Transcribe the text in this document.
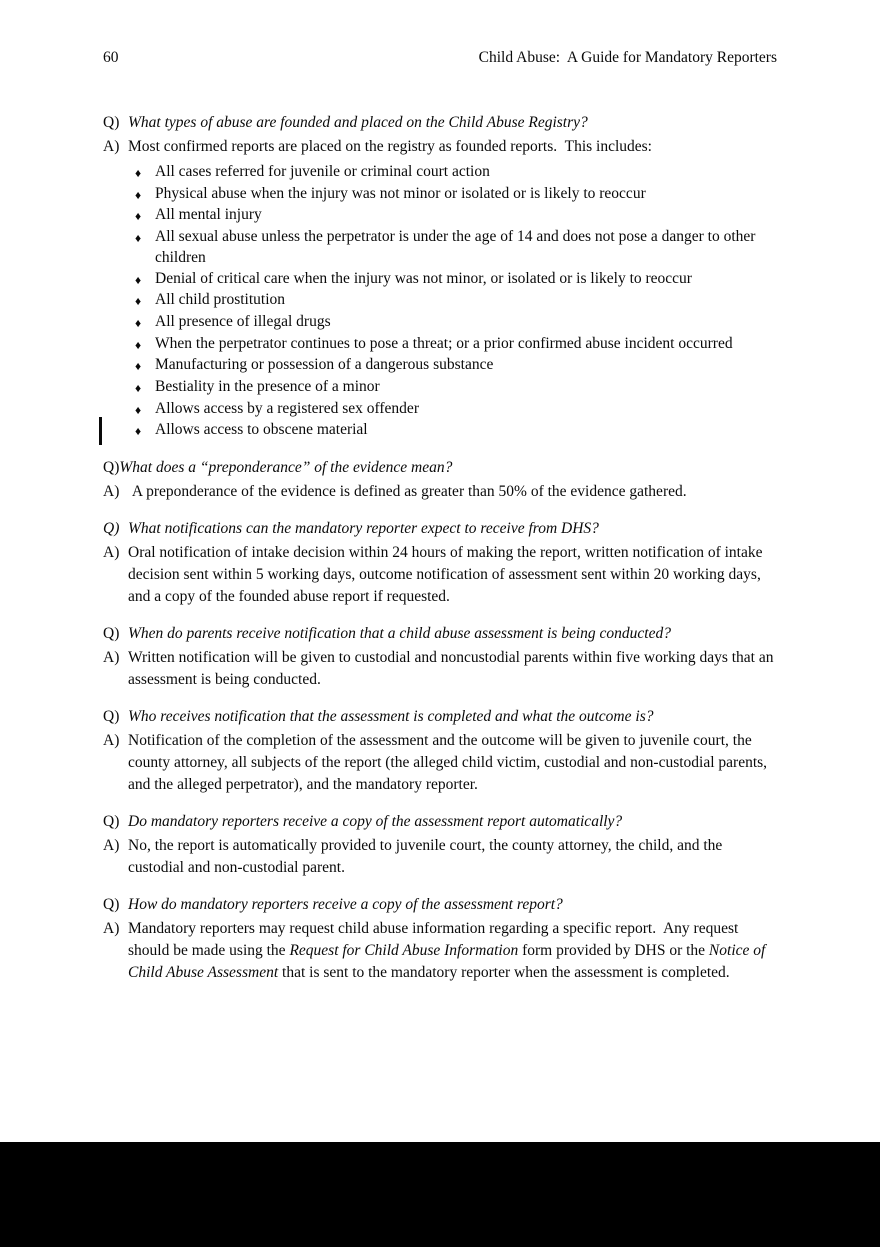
60	Child Abuse:  A Guide for Mandatory Reporters
Q) What types of abuse are founded and placed on the Child Abuse Registry?
A) Most confirmed reports are placed on the registry as founded reports.  This includes:
♦ All cases referred for juvenile or criminal court action
♦ Physical abuse when the injury was not minor or isolated or is likely to reoccur
♦ All mental injury
♦ All sexual abuse unless the perpetrator is under the age of 14 and does not pose a danger to other children
♦ Denial of critical care when the injury was not minor, or isolated or is likely to reoccur
♦ All child prostitution
♦ All presence of illegal drugs
♦ When the perpetrator continues to pose a threat; or a prior confirmed abuse incident occurred
♦ Manufacturing or possession of a dangerous substance
♦ Bestiality in the presence of a minor
♦ Allows access by a registered sex offender
♦ Allows access to obscene material
Q) What does a “preponderance” of the evidence mean?
A) A preponderance of the evidence is defined as greater than 50% of the evidence gathered.
Q) What notifications can the mandatory reporter expect to receive from DHS?
A) Oral notification of intake decision within 24 hours of making the report, written notification of intake decision sent within 5 working days, outcome notification of assessment sent within 20 working days, and a copy of the founded abuse report if requested.
Q) When do parents receive notification that a child abuse assessment is being conducted?
A) Written notification will be given to custodial and noncustodial parents within five working days that an assessment is being conducted.
Q) Who receives notification that the assessment is completed and what the outcome is?
A) Notification of the completion of the assessment and the outcome will be given to juvenile court, the county attorney, all subjects of the report (the alleged child victim, custodial and non-custodial parents, and the alleged perpetrator), and the mandatory reporter.
Q) Do mandatory reporters receive a copy of the assessment report automatically?
A) No, the report is automatically provided to juvenile court, the county attorney, the child, and the custodial and non-custodial parent.
Q) How do mandatory reporters receive a copy of the assessment report?
A) Mandatory reporters may request child abuse information regarding a specific report.  Any request should be made using the Request for Child Abuse Information form provided by DHS or the Notice of Child Abuse Assessment that is sent to the mandatory reporter when the assessment is completed.
